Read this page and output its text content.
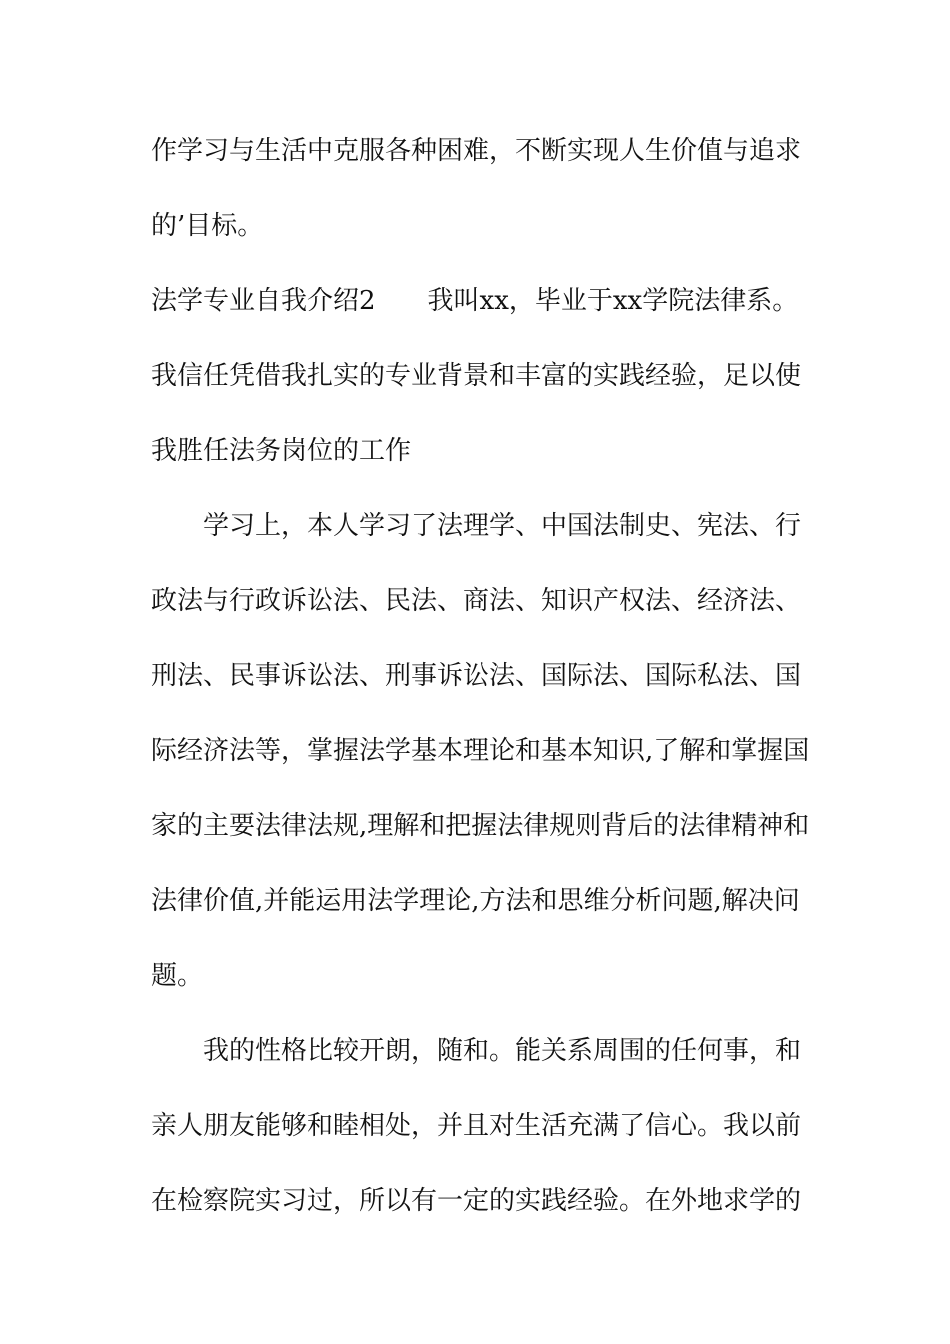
作学习与生活中克服各种困难，不断实现人生价值与追求
的’目标。
法学专业自我介绍2 我叫xx，毕业于xx学院法律系。
我信任凭借我扎实的专业背景和丰富的实践经验，足以使
我胜任法务岗位的工作
学习上，本人学习了法理学、中国法制史、宪法、行
政法与行政诉讼法、民法、商法、知识产权法、经济法、
刑法、民事诉讼法、刑事诉讼法、国际法、国际私法、国
际经济法等，掌握法学基本理论和基本知识,了解和掌握国
家的主要法律法规,理解和把握法律规则背后的法律精神和
法律价值,并能运用法学理论,方法和思维分析问题,解决问
题。
我的性格比较开朗，随和。能关系周围的任何事，和
亲人朋友能够和睦相处，并且对生活充满了信心。我以前
在检察院实习过，所以有一定的实践经验。在外地求学的
